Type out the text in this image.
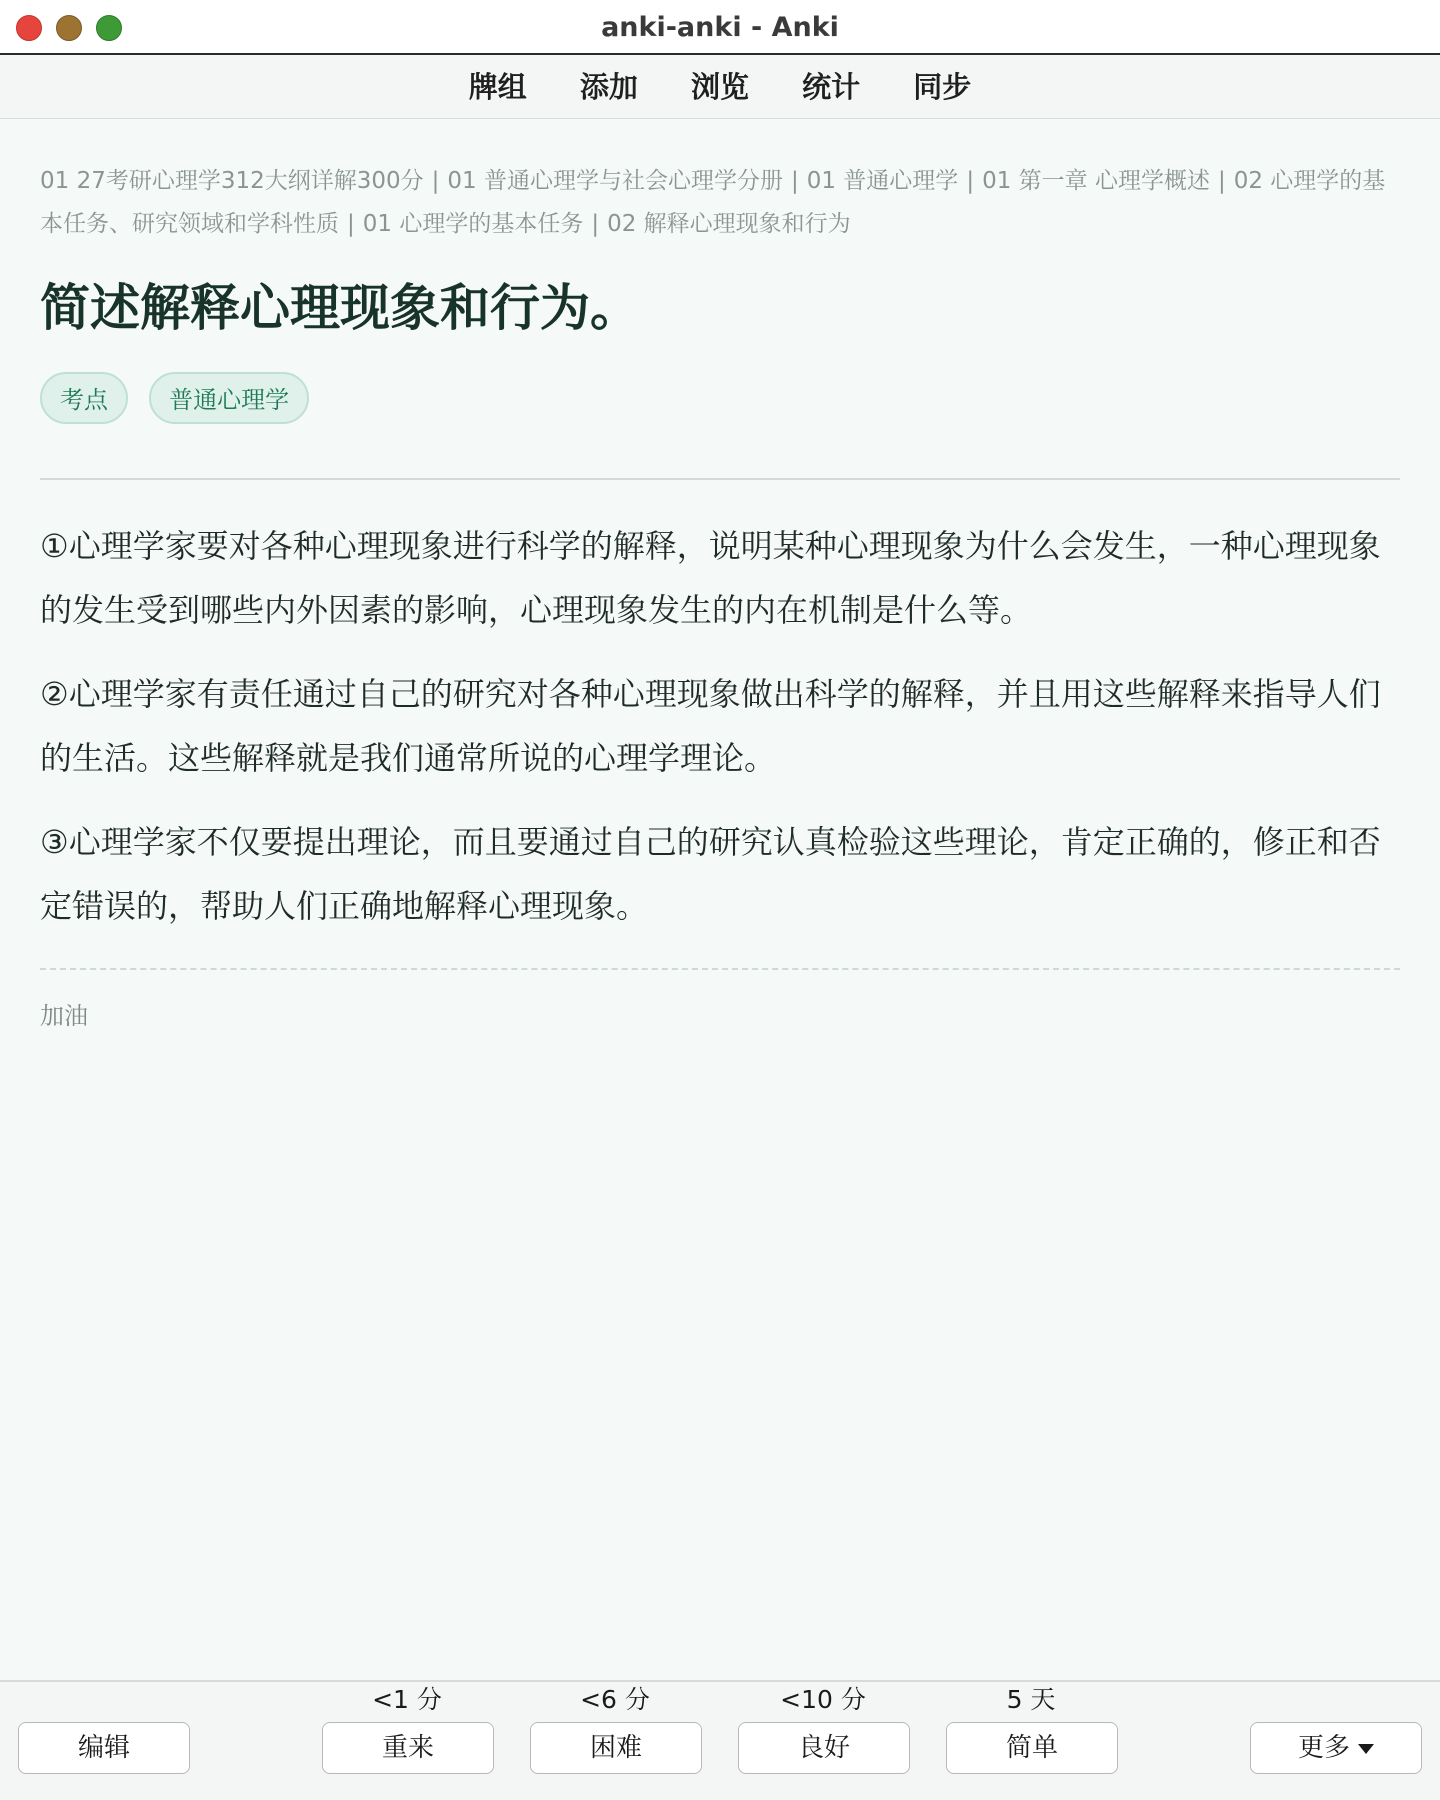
anki-anki - Anki
牌组 添加 浏览 统计 同步
01 27考研心理学312大纲详解300分 | 01 普通心理学与社会心理学分册 | 01 普通心理学 | 01 第一章 心理学概述 | 02 心理学的基本任务、研究领域和学科性质 | 01 心理学的基本任务 | 02 解释心理现象和行为
简述解释心理现象和行为。
考点	普通心理学

①心理学家要对各种心理现象进行科学的解释，说明某种心理现象为什么会发生，一种心理现象的发生受到哪些内外因素的影响，心理现象发生的内在机制是什么等。

②心理学家有责任通过自己的研究对各种心理现象做出科学的解释，并且用这些解释来指导人们的生活。这些解释就是我们通常所说的心理学理论。

③心理学家不仅要提出理论，而且要通过自己的研究认真检验这些理论，肯定正确的，修正和否定错误的，帮助人们正确地解释心理现象。

加油
编辑
<1 分
重来
<6 分
困难
<10 分
良好
5 天
简单	更多
